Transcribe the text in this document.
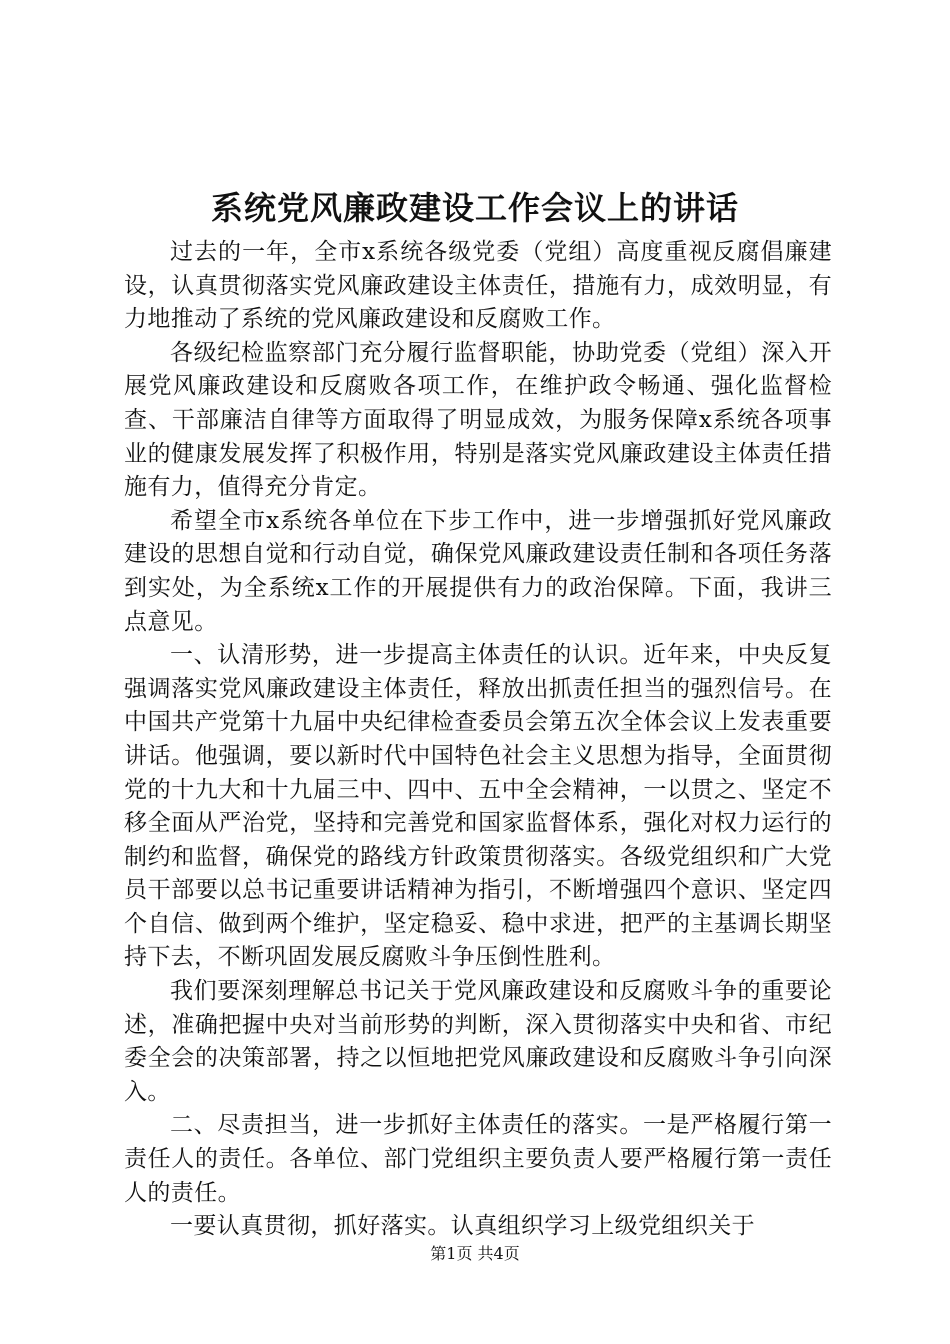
系统党风廉政建设工作会议上的讲话

过去的一年，全市x系统各级党委（党组）高度重视反腐倡廉建设，认真贯彻落实党风廉政建设主体责任，措施有力，成效明显，有力地推动了系统的党风廉政建设和反腐败工作。

各级纪检监察部门充分履行监督职能，协助党委（党组）深入开展党风廉政建设和反腐败各项工作，在维护政令畅通、强化监督检查、干部廉洁自律等方面取得了明显成效，为服务保障x系统各项事业的健康发展发挥了积极作用，特别是落实党风廉政建设主体责任措施有力，值得充分肯定。

希望全市x系统各单位在下步工作中，进一步增强抓好党风廉政建设的思想自觉和行动自觉，确保党风廉政建设责任制和各项任务落到实处，为全系统x工作的开展提供有力的政治保障。下面，我讲三点意见。

一、认清形势，进一步提高主体责任的认识。近年来，中央反复强调落实党风廉政建设主体责任，释放出抓责任担当的强烈信号。在中国共产党第十九届中央纪律检查委员会第五次全体会议上发表重要讲话。他强调，要以新时代中国特色社会主义思想为指导，全面贯彻党的十九大和十九届三中、四中、五中全会精神，一以贯之、坚定不移全面从严治党，坚持和完善党和国家监督体系，强化对权力运行的制约和监督，确保党的路线方针政策贯彻落实。各级党组织和广大党员干部要以总书记重要讲话精神为指引，不断增强四个意识、坚定四个自信、做到两个维护，坚定稳妥、稳中求进，把严的主基调长期坚持下去，不断巩固发展反腐败斗争压倒性胜利。

我们要深刻理解总书记关于党风廉政建设和反腐败斗争的重要论述，准确把握中央对当前形势的判断，深入贯彻落实中央和省、市纪委全会的决策部署，持之以恒地把党风廉政建设和反腐败斗争引向深入。

二、尽责担当，进一步抓好主体责任的落实。一是严格履行第一责任人的责任。各单位、部门党组织主要负责人要严格履行第一责任人的责任。

一要认真贯彻，抓好落实。认真组织学习上级党组织关于

第1页 共4页
